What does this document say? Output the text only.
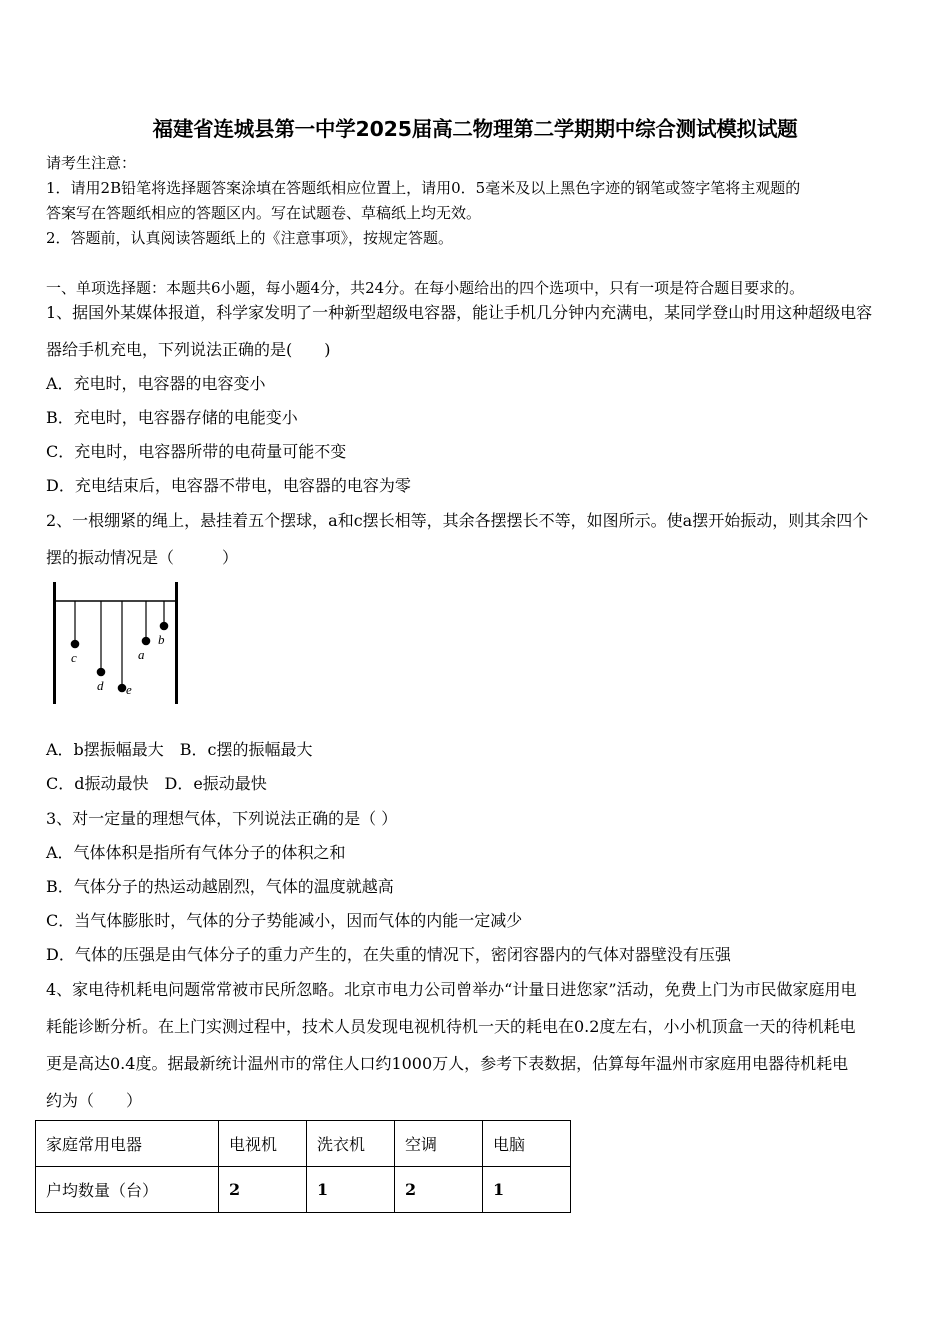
福建省连城县第一中学2025届高二物理第二学期期中综合测试模拟试题
请考生注意：
1．请用2B铅笔将选择题答案涂填在答题纸相应位置上，请用0．5毫米及以上黑色字迹的钢笔或签字笔将主观题的
答案写在答题纸相应的答题区内。写在试题卷、草稿纸上均无效。
2．答题前，认真阅读答题纸上的《注意事项》，按规定答题。
一、单项选择题：本题共6小题，每小题4分，共24分。在每小题给出的四个选项中，只有一项是符合题目要求的。
1、据国外某媒体报道，科学家发明了一种新型超级电容器，能让手机几分钟内充满电，某同学登山时用这种超级电容
器给手机充电，下列说法正确的是(　　)
A．充电时，电容器的电容变小
B．充电时，电容器存储的电能变小
C．充电时，电容器所带的电荷量可能不变
D．充电结束后，电容器不带电，电容器的电容为零
2、一根绷紧的绳上，悬挂着五个摆球，a和c摆长相等，其余各摆摆长不等，如图所示。使a摆开始振动，则其余四个
摆的振动情况是（　　　）
c
d e
a
b
A．b摆振幅最大　B．c摆的振幅最大
C．d振动最快　D．e振动最快
3、对一定量的理想气体，下列说法正确的是（ ）
A．气体体积是指所有气体分子的体积之和
B．气体分子的热运动越剧烈，气体的温度就越高
C．当气体膨胀时，气体的分子势能减小，因而气体的内能一定减少
D．气体的压强是由气体分子的重力产生的，在失重的情况下，密闭容器内的气体对器壁没有压强
4、家电待机耗电问题常常被市民所忽略。北京市电力公司曾举办“计量日进您家”活动，免费上门为市民做家庭用电
耗能诊断分析。在上门实测过程中，技术人员发现电视机待机一天的耗电在0.2度左右，小小机顶盒一天的待机耗电
更是高达0.4度。据最新统计温州市的常住人口约1000万人，参考下表数据，估算每年温州市家庭用电器待机耗电
约为（　　）
家庭常用电器	电视机	洗衣机	空调	电脑
户均数量（台）	2	1	2	1
